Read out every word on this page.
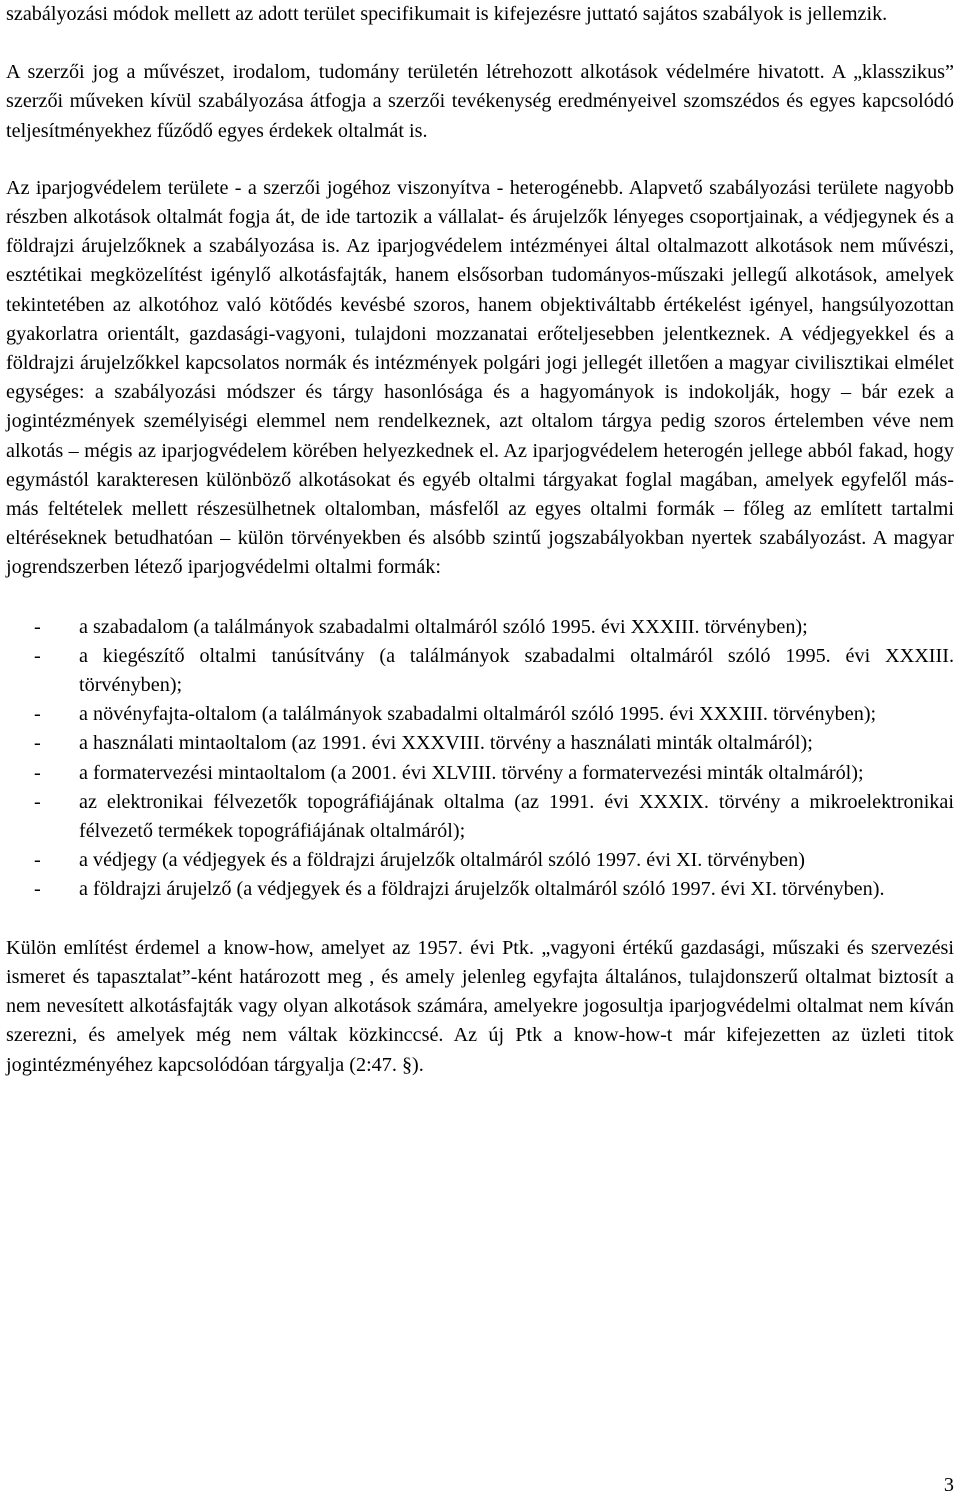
szabályozási módok mellett az adott terület specifikumait is kifejezésre juttató sajátos szabályok is jellemzik.

A szerzői jog a művészet, irodalom, tudomány területén létrehozott alkotások védelmére hivatott. A „klasszikus” szerzői műveken kívül szabályozása átfogja a szerzői tevékenység eredményeivel szomszédos és egyes kapcsolódó teljesítményekhez fűződő egyes érdekek oltalmát is.

Az iparjogvédelem területe - a szerzői jogéhoz viszonyítva - heterogénebb. Alapvető szabályozási területe nagyobb részben alkotások oltalmát fogja át, de ide tartozik a vállalat- és árujelzők lényeges csoportjainak, a védjegynek és a földrajzi árujelzőknek a szabályozása is. Az iparjogvédelem intézményei által oltalmazott alkotások nem művészi, esztétikai megközelítést igénylő alkotásfajták, hanem elsősorban tudományos-műszaki jellegű alkotások, amelyek tekintetében az alkotóhoz való kötődés kevésbé szoros, hanem objektiváltabb értékelést igényel, hangsúlyozottan gyakorlatra orientált, gazdasági-vagyoni, tulajdoni mozzanatai erőteljesebben jelentkeznek. A védjegyekkel és a földrajzi árujelzőkkel kapcsolatos normák és intézmények polgári jogi jellegét illetően a magyar civilisztikai elmélet egységes: a szabályozási módszer és tárgy hasonlósága és a hagyományok is indokolják, hogy – bár ezek a jogintézmények személyiségi elemmel nem rendelkeznek, azt oltalom tárgya pedig szoros értelemben véve nem alkotás – mégis az iparjogvédelem körében helyezkednek el. Az iparjogvédelem heterogén jellege abból fakad, hogy egymástól karakteresen különböző alkotásokat és egyéb oltalmi tárgyakat foglal magában, amelyek egyfelől más-más feltételek mellett részesülhetnek oltalomban, másfelől az egyes oltalmi formák – főleg az említett tartalmi eltéréseknek betudhatóan – külön törvényekben és alsóbb szintű jogszabályokban nyertek szabályozást. A magyar jogrendszerben létező iparjogvédelmi oltalmi formák:

- a szabadalom (a találmányok szabadalmi oltalmáról szóló 1995. évi XXXIII. törvényben);
- a kiegészítő oltalmi tanúsítvány (a találmányok szabadalmi oltalmáról szóló 1995. évi XXXIII. törvényben);
- a növényfajta-oltalom (a találmányok szabadalmi oltalmáról szóló 1995. évi XXXIII. törvényben);
- a használati mintaoltalom (az 1991. évi XXXVIII. törvény a használati minták oltalmáról);
- a formatervezési mintaoltalom (a 2001. évi XLVIII. törvény a formatervezési minták oltalmáról);
- az elektronikai félvezetők topográfiájának oltalma (az 1991. évi XXXIX. törvény a mikroelektronikai félvezető termékek topográfiájának oltalmáról);
- a védjegy (a védjegyek és a földrajzi árujelzők oltalmáról szóló 1997. évi XI. törvényben)
- a földrajzi árujelző (a védjegyek és a földrajzi árujelzők oltalmáról szóló 1997. évi XI. törvényben).

Külön említést érdemel a know-how, amelyet az 1957. évi Ptk. „vagyoni értékű gazdasági, műszaki és szervezési ismeret és tapasztalat”-ként határozott meg , és amely jelenleg egyfajta általános, tulajdonszerű oltalmat biztosít a nem nevesített alkotásfajták vagy olyan alkotások számára, amelyekre jogosultja iparjogvédelmi oltalmat nem kíván szerezni, és amelyek még nem váltak közkinccsé. Az új Ptk a know-how-t már kifejezetten az üzleti titok jogintézményéhez kapcsolódóan tárgyalja (2:47. §).

3
